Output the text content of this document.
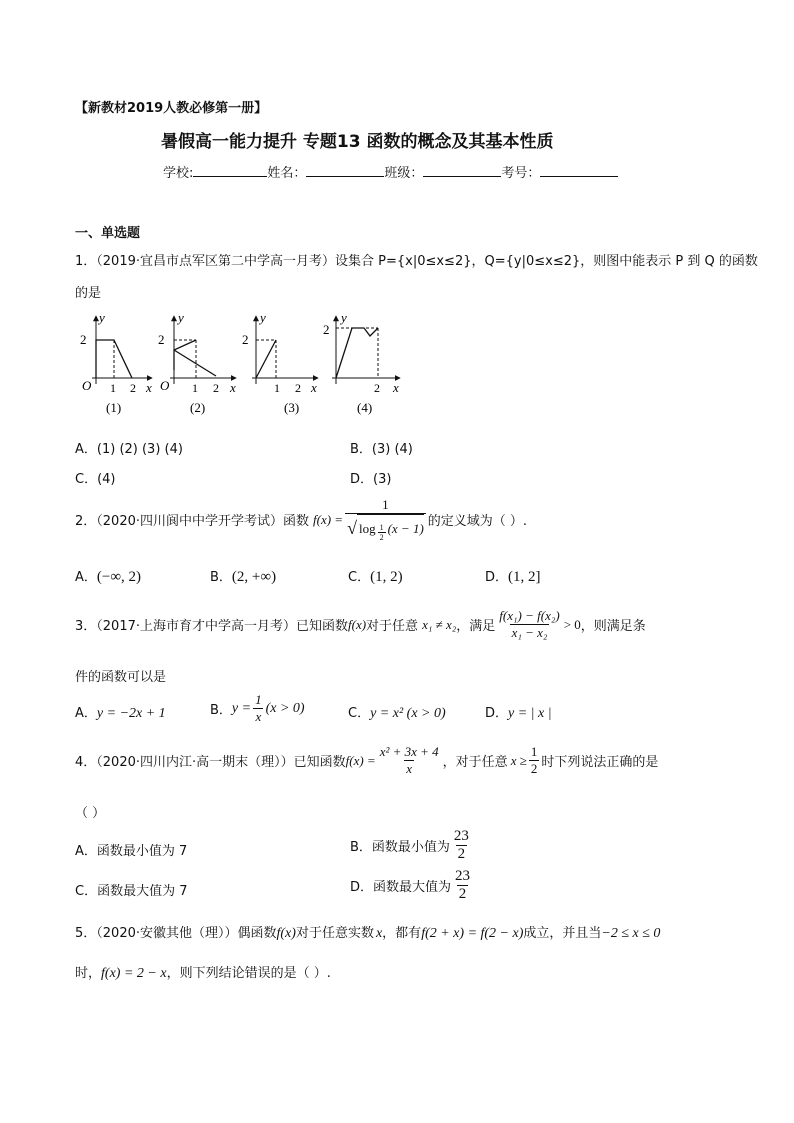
【新教材2019人教必修第一册】
暑假高一能力提升 专题13 函数的概念及其基本性质
学校:	姓名：	班级：	考号：
一、单选题
1．（2019·宜昌市点军区第二中学高一月考）设集合 P={x|0≤x≤2}，Q={y|0≤x≤2}，则图中能表示 P 到 Q 的函数
的是
y
2
O 1 2 x
(1)
y
2
O 1 2 x
(2)
y
2
1 2 x
(3)
y
2
2 x
(4)
A．(1) (2) (3) (4)	B．(3) (4)
C．(4)	D．(3)
2．（2020·四川阆中中学开学考试）函数 f(x) =
1
√ $\log \frac{1}{2} (x - 1)$ 的定义域为（ ）.
A．(−∞, 2)	B．(2, +∞)	C．(1, 2)	D．(1, 2]
3．（2017·上海市育才中学高一月考）已知函数 f(x) 对于任意 x₁ ≠ x₂ ，满足 $\frac{\text{f(x₁) − f(x₂)}}{\text{x₁ − x₂}} > 0$ ，则满足条
件的函数可以是
A．y = −2x + 1	B． $y = \frac{1}{x} (x > 0)$	C．y = x² (x > 0)	D．y = | x |
4．（2020·四川内江·高一期末（理））已知函数 $f(x) = \frac{\text{x² + 3x + 4}}{x}$ ，对于任意 $x \ge \frac{1}{2}$ 时下列说法正确的是
（ ）
A．函数最小值为 7	B．函数最小值为 $\frac{23}{2}$
C．函数最大值为 7	D．函数最大值为 $\frac{23}{2}$
5．（2020·安徽其他（理））偶函数f(x)对于任意实数 x，都有f(2 + x) = f(2 − x)成立，并且当−2 ≤ x ≤ 0
时，f(x) = 2 − x，则下列结论错误的是（ ）.
